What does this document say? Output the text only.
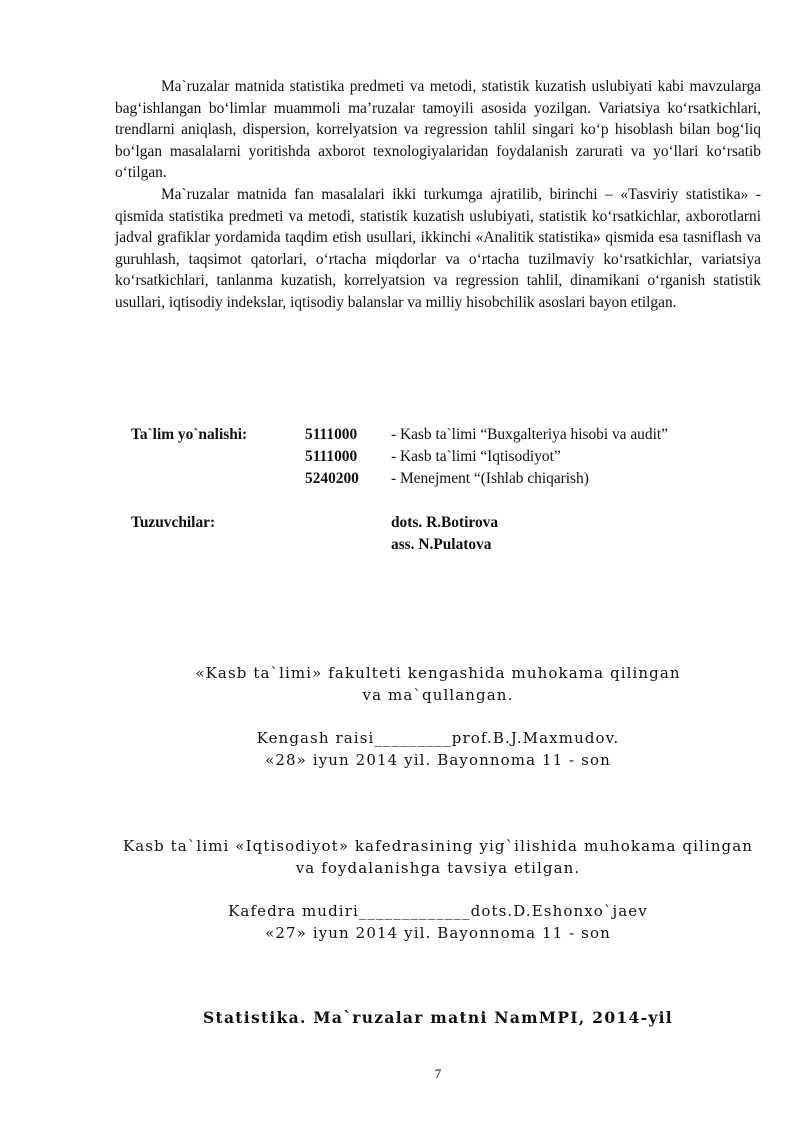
Ma`ruzalar matnida statistika predmeti va metodi, statistik kuzatish uslubiyati kabi mavzularga bag‘ishlangan bo‘limlar muammoli ma’ruzalar tamoyili asosida yozilgan. Variatsiya ko‘rsatkichlari, trendlarni aniqlash, dispersion, korrelyatsion va regression tahlil singari ko‘p hisoblash bilan bog‘liq bo‘lgan masalalarni yoritishda axborot texnologiyalaridan foydalanish zarurati va yo‘llari ko‘rsatib o‘tilgan.

Ma`ruzalar matnida fan masalalari ikki turkumga ajratilib, birinchi – «Tasviriy statistika» - qismida statistika predmeti va metodi, statistik kuzatish uslubiyati, statistik ko‘rsatkichlar, axborotlarni jadval grafiklar yordamida taqdim etish usullari, ikkinchi «Analitik statistika» qismida esa tasniflash va guruhlash, taqsimot qatorlari, o‘rtacha miqdorlar va o‘rtacha tuzilmaviy ko‘rsatkichlar, variatsiya ko‘rsatkichlari, tanlanma kuzatish, korrelyatsion va regression tahlil, dinamikani o‘rganish statistik usullari, iqtisodiy indekslar, iqtisodiy balanslar va milliy hisobchilik asoslari bayon etilgan.

Ta`lim yo`nalishi:	5111000 - Kasb ta`limi “Buxgalteriya hisobi va audit”
5111000 - Kasb ta`limi “Iqtisodiyot”
5240200 - Menejment “(Ishlab chiqarish)
Tuzuvchilar:	dots. R.Botirova
ass. N.Pulatova
«Kasb ta`limi» fakulteti kengashida muhokama qilingan
va ma`qullangan.
Kengash raisi_________prof.B.J.Maxmudov.
«28» iyun 2014 yil. Bayonnoma 11 - son
Kasb ta`limi «Iqtisodiyot» kafedrasining yig`ilishida muhokama qilingan
va foydalanishga tavsiya etilgan.
Kafedra mudiri_____________dots.D.Eshonxo`jaev
«27» iyun 2014 yil. Bayonnoma 11 - son
Statistika. Ma`ruzalar matni NamMPI, 2014-yil
7
